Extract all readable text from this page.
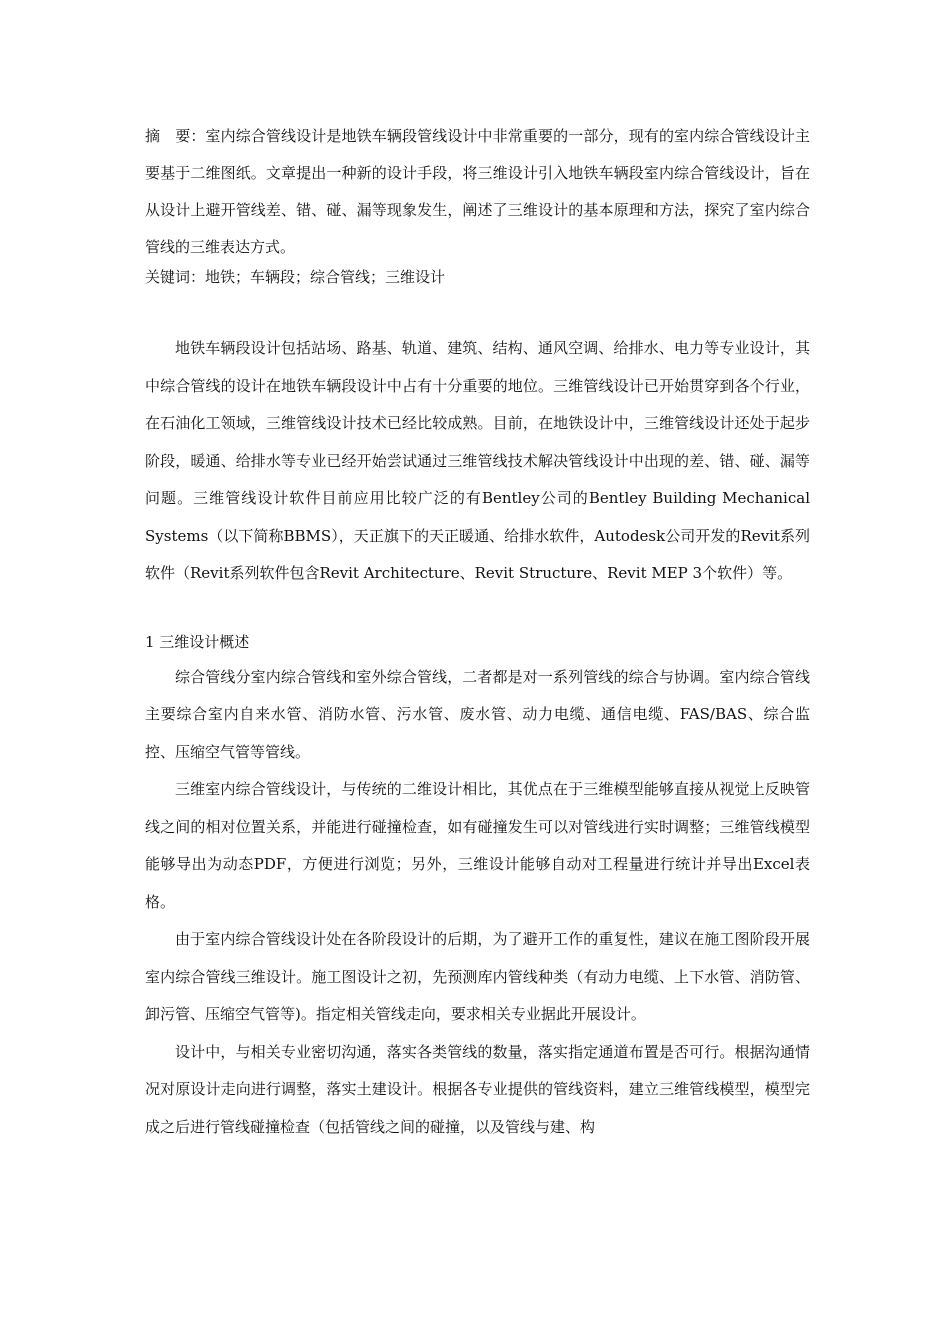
摘　要：室内综合管线设计是地铁车辆段管线设计中非常重要的一部分，现有的室内综合管线设计主要基于二维图纸。文章提出一种新的设计手段，将三维设计引入地铁车辆段室内综合管线设计，旨在从设计上避开管线差、错、碰、漏等现象发生，阐述了三维设计的基本原理和方法，探究了室内综合管线的三维表达方式。

关键词：地铁；车辆段；综合管线；三维设计

地铁车辆段设计包括站场、路基、轨道、建筑、结构、通风空调、给排水、电力等专业设计，其中综合管线的设计在地铁车辆段设计中占有十分重要的地位。三维管线设计已开始贯穿到各个行业，在石油化工领域，三维管线设计技术已经比较成熟。目前，在地铁设计中，三维管线设计还处于起步阶段，暖通、给排水等专业已经开始尝试通过三维管线技术解决管线设计中出现的差、错、碰、漏等问题。三维管线设计软件目前应用比较广泛的有Bentley公司的Bentley Building Mechanical Systems（以下简称BBMS），天正旗下的天正暖通、给排水软件，Autodesk公司开发的Revit系列软件（Revit系列软件包含Revit Architecture、Revit Structure、Revit MEP 3个软件）等。

1 三维设计概述

综合管线分室内综合管线和室外综合管线，二者都是对一系列管线的综合与协调。室内综合管线主要综合室内自来水管、消防水管、污水管、废水管、动力电缆、通信电缆、FAS/BAS、综合监控、压缩空气管等管线。

三维室内综合管线设计，与传统的二维设计相比，其优点在于三维模型能够直接从视觉上反映管线之间的相对位置关系，并能进行碰撞检查，如有碰撞发生可以对管线进行实时调整；三维管线模型能够导出为动态PDF，方便进行浏览；另外，三维设计能够自动对工程量进行统计并导出Excel表格。

由于室内综合管线设计处在各阶段设计的后期，为了避开工作的重复性，建议在施工图阶段开展室内综合管线三维设计。施工图设计之初，先预测库内管线种类（有动力电缆、上下水管、消防管、卸污管、压缩空气管等)。指定相关管线走向，要求相关专业据此开展设计。

设计中，与相关专业密切沟通，落实各类管线的数量，落实指定通道布置是否可行。根据沟通情况对原设计走向进行调整，落实土建设计。根据各专业提供的管线资料，建立三维管线模型，模型完成之后进行管线碰撞检查（包括管线之间的碰撞，以及管线与建、构
